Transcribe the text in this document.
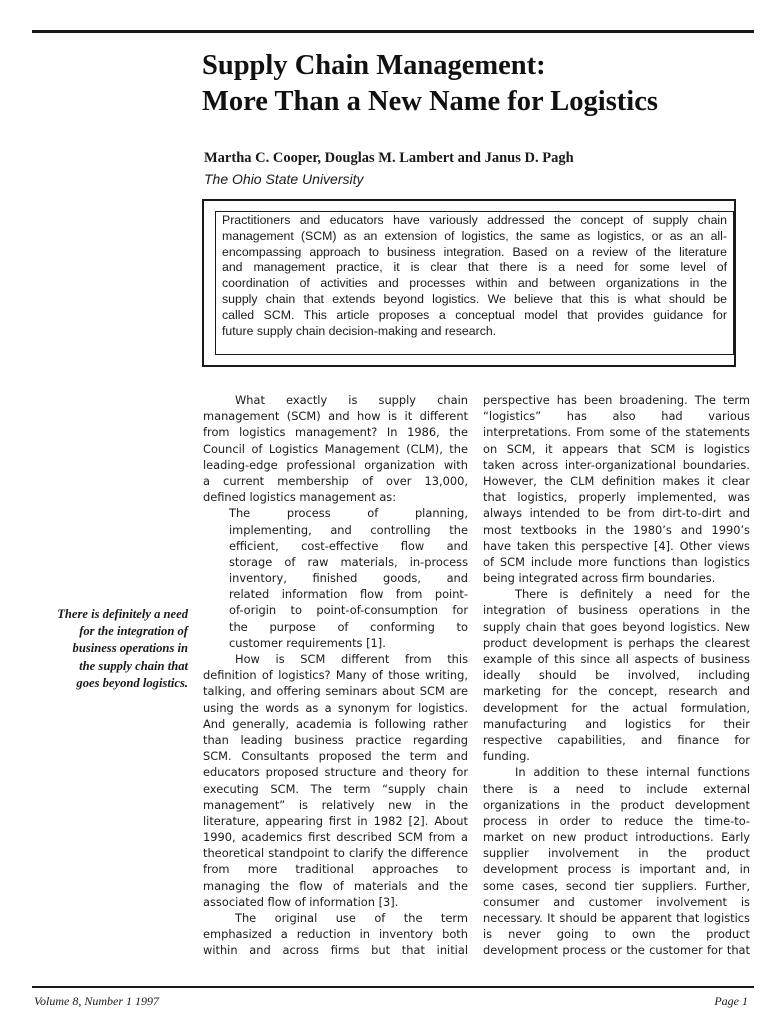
Supply Chain Management:
More Than a New Name for Logistics
Martha C. Cooper, Douglas M. Lambert and Janus D. Pagh
The Ohio State University
Practitioners and educators have variously addressed the concept of supply chain
management (SCM) as an extension of logistics, the same as logistics, or as an all-
encompassing approach to business integration. Based on a review of the literature
and management practice, it is clear that there is a need for some level of
coordination of activities and processes within and between organizations in the
supply chain that extends beyond logistics. We believe that this is what should be
called SCM. This article proposes a conceptual model that provides guidance for
future supply chain decision-making and research.
There is definitely a need
for the integration of
business operations in
the supply chain that
goes beyond logistics.
What exactly is supply chain
management (SCM) and how is it different
from logistics management? In 1986, the
Council of Logistics Management (CLM), the
leading-edge professional organization with
a current membership of over 13,000,
defined logistics management as:
The process of planning,
implementing, and controlling the
efficient, cost-effective flow and
storage of raw materials, in-process
inventory, finished goods, and
related information flow from point-
of-origin to point-of-consumption for
the purpose of conforming to
customer requirements [1].
How is SCM different from this
definition of logistics? Many of those writing,
talking, and offering seminars about SCM are
using the words as a synonym for logistics.
And generally, academia is following rather
than leading business practice regarding
SCM. Consultants proposed the term and
educators proposed structure and theory for
executing SCM. The term “supply chain
management” is relatively new in the
literature, appearing first in 1982 [2]. About
1990, academics first described SCM from a
theoretical standpoint to clarify the difference
from more traditional approaches to
managing the flow of materials and the
associated flow of information [3].
The original use of the term
emphasized a reduction in inventory both
within and across firms but that initial
perspective has been broadening. The term
“logistics” has also had various
interpretations. From some of the statements
on SCM, it appears that SCM is logistics
taken across inter-organizational boundaries.
However, the CLM definition makes it clear
that logistics, properly implemented, was
always intended to be from dirt-to-dirt and
most textbooks in the 1980’s and 1990’s
have taken this perspective [4]. Other views
of SCM include more functions than logistics
being integrated across firm boundaries.
There is definitely a need for the
integration of business operations in the
supply chain that goes beyond logistics. New
product development is perhaps the clearest
example of this since all aspects of business
ideally should be involved, including
marketing for the concept, research and
development for the actual formulation,
manufacturing and logistics for their
respective capabilities, and finance for
funding.
In addition to these internal functions
there is a need to include external
organizations in the product development
process in order to reduce the time-to-
market on new product introductions. Early
supplier involvement in the product
development process is important and, in
some cases, second tier suppliers. Further,
consumer and customer involvement is
necessary. It should be apparent that logistics
is never going to own the product
development process or the customer for that
Volume 8, Number 1 1997	Page 1
